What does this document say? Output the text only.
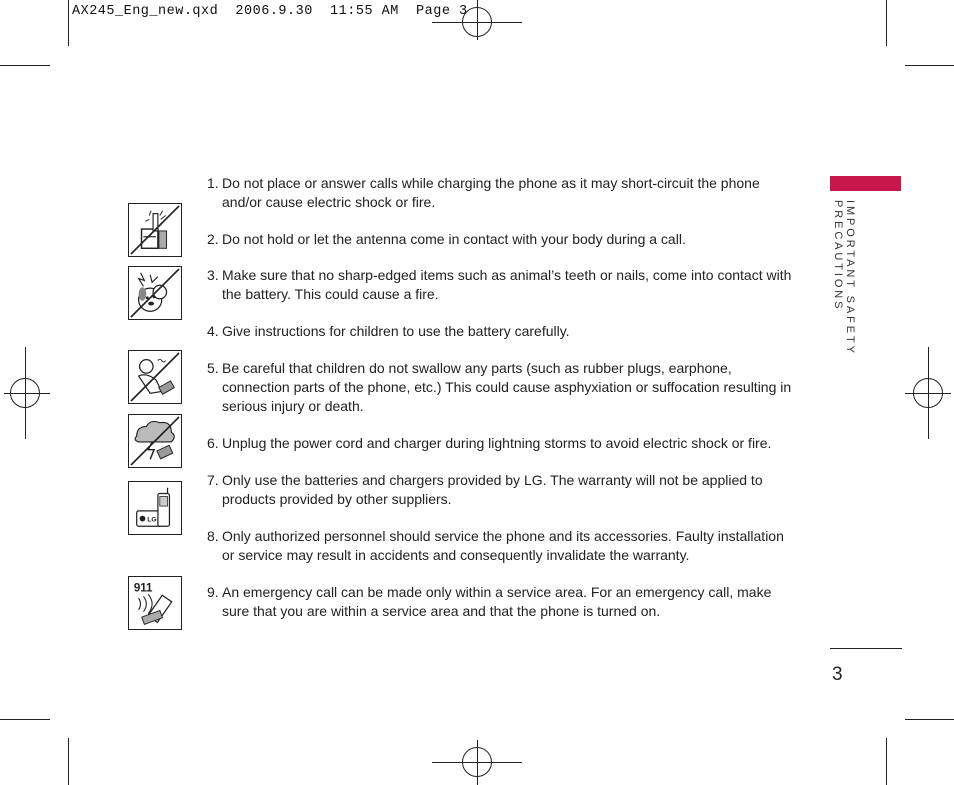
AX245_Eng_new.qxd  2006.9.30  11:55 AM  Page 3
IMPORTANT SAFETY PRECAUTIONS
LG
911
1. Do not place or answer calls while charging the phone as it may short-circuit the phone and/or cause electric shock or fire.
2. Do not hold or let the antenna come in contact with your body during a call.
3. Make sure that no sharp-edged items such as animal’s teeth or nails, come into contact with the battery. This could cause a fire.
4. Give instructions for children to use the battery carefully.
5. Be careful that children do not swallow any parts (such as rubber plugs, earphone, connection parts of the phone, etc.) This could cause asphyxiation or suffocation resulting in serious injury or death.
6. Unplug the power cord and charger during lightning storms to avoid electric shock or fire.
7. Only use the batteries and chargers provided by LG. The warranty will not be applied to products provided by other suppliers.
8. Only authorized personnel should service the phone and its accessories. Faulty installation or service may result in accidents and consequently invalidate the warranty.
9. An emergency call can be made only within a service area. For an emergency call, make sure that you are within a service area and that the phone is turned on.
3
